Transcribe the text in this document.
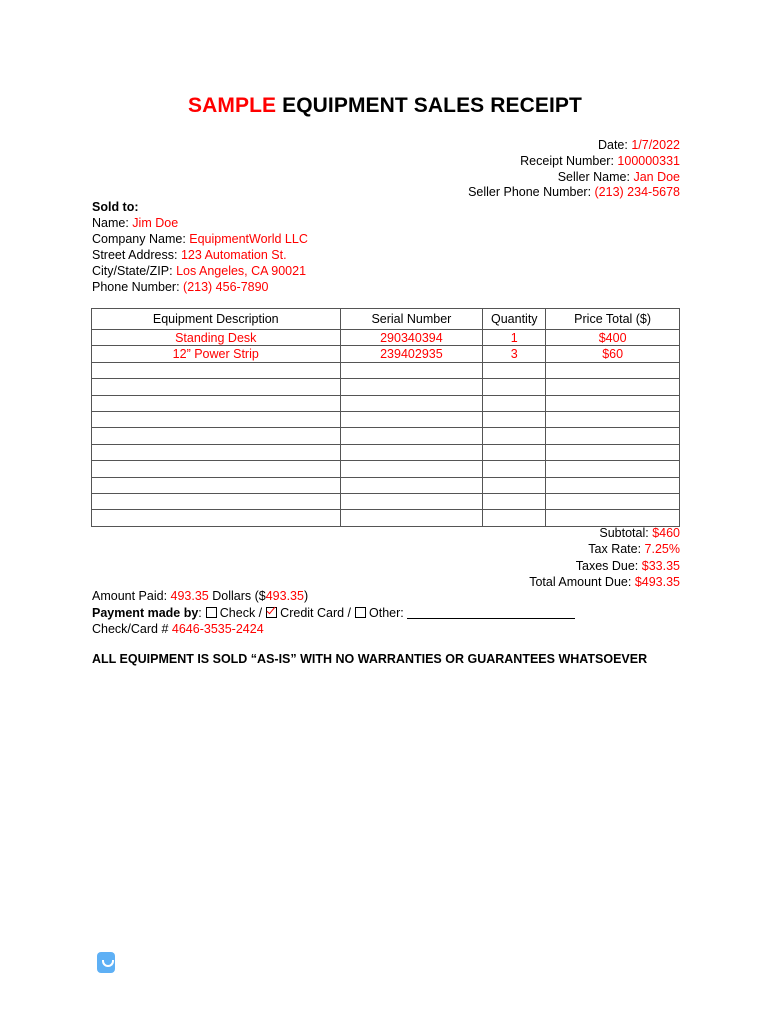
SAMPLE EQUIPMENT SALES RECEIPT
Date: 1/7/2022
Receipt Number: 100000331
Seller Name: Jan Doe
Seller Phone Number: (213) 234-5678
Sold to:
Name: Jim Doe
Company Name: EquipmentWorld LLC
Street Address: 123 Automation St.
City/State/ZIP: Los Angeles, CA 90021
Phone Number: (213) 456-7890
Equipment Description	Serial Number	Quantity	Price Total ($)
Standing Desk	290340394	1	$400
12” Power Strip	239402935	3	$60

Subtotal: $460
Tax Rate: 7.25%
Taxes Due: $33.35
Total Amount Due: $493.35
Amount Paid: 493.35 Dollars ($493.35)
Payment made by: Check / Credit Card / Other:
Check/Card # 4646-3535-2424
ALL EQUIPMENT IS SOLD “AS-IS” WITH NO WARRANTIES OR GUARANTEES WHATSOEVER
